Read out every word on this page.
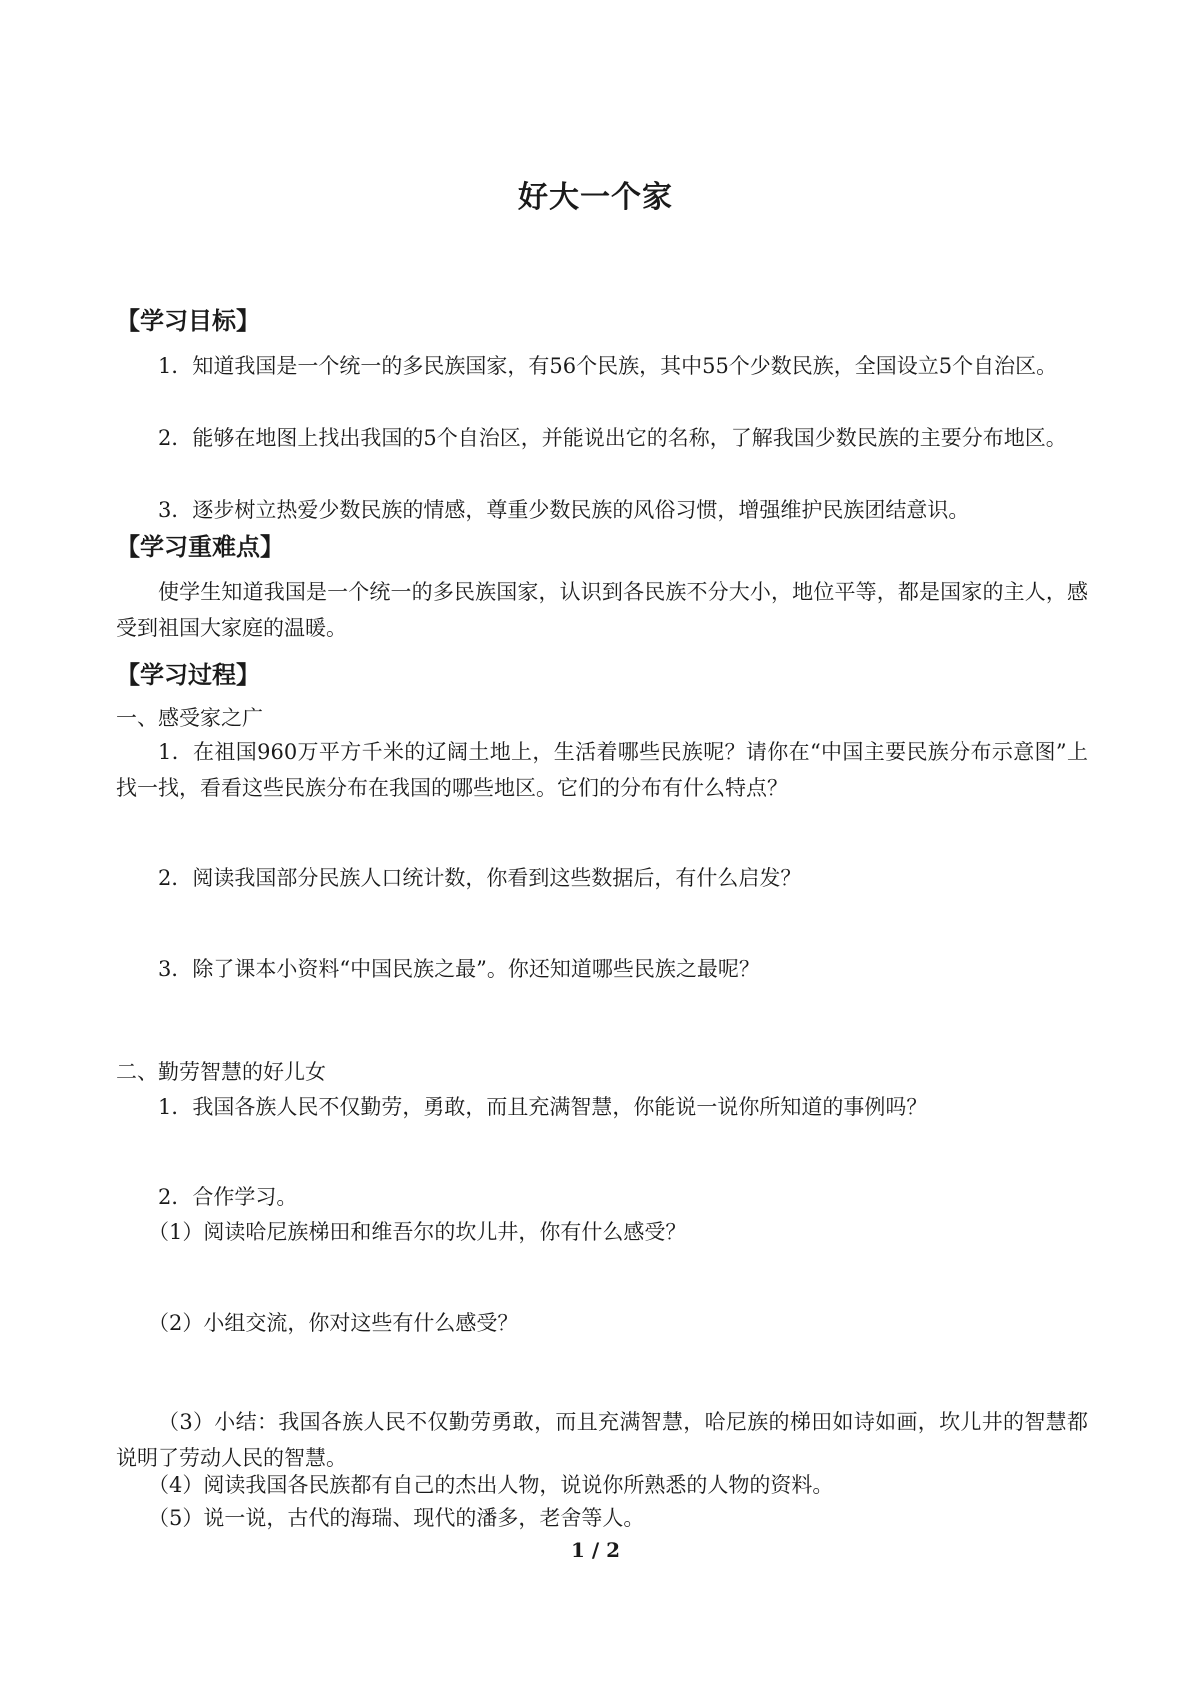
好大一个家
【学习目标】

1．知道我国是一个统一的多民族国家，有56个民族，其中55个少数民族，全国设立5个自治区。

2．能够在地图上找出我国的5个自治区，并能说出它的名称，了解我国少数民族的主要分布地区。

3．逐步树立热爱少数民族的情感，尊重少数民族的风俗习惯，增强维护民族团结意识。

【学习重难点】

使学生知道我国是一个统一的多民族国家，认识到各民族不分大小，地位平等，都是国家的主人，感受到祖国大家庭的温暖。

【学习过程】
一、感受家之广

1．在祖国960万平方千米的辽阔土地上，生活着哪些民族呢？请你在“中国主要民族分布示意图”上找一找，看看这些民族分布在我国的哪些地区。它们的分布有什么特点？

2．阅读我国部分民族人口统计数，你看到这些数据后，有什么启发？
3．除了课本小资料“中国民族之最”。你还知道哪些民族之最呢？
二、勤劳智慧的好儿女
1．我国各族人民不仅勤劳，勇敢，而且充满智慧，你能说一说你所知道的事例吗？
2．合作学习。
（1）阅读哈尼族梯田和维吾尔的坎儿井，你有什么感受？
（2）小组交流，你对这些有什么感受？

（3）小结：我国各族人民不仅勤劳勇敢，而且充满智慧，哈尼族的梯田如诗如画，坎儿井的智慧都说明了劳动人民的智慧。

（4）阅读我国各民族都有自己的杰出人物，说说你所熟悉的人物的资料。
（5）说一说，古代的海瑞、现代的潘多，老舍等人。
1 / 2
